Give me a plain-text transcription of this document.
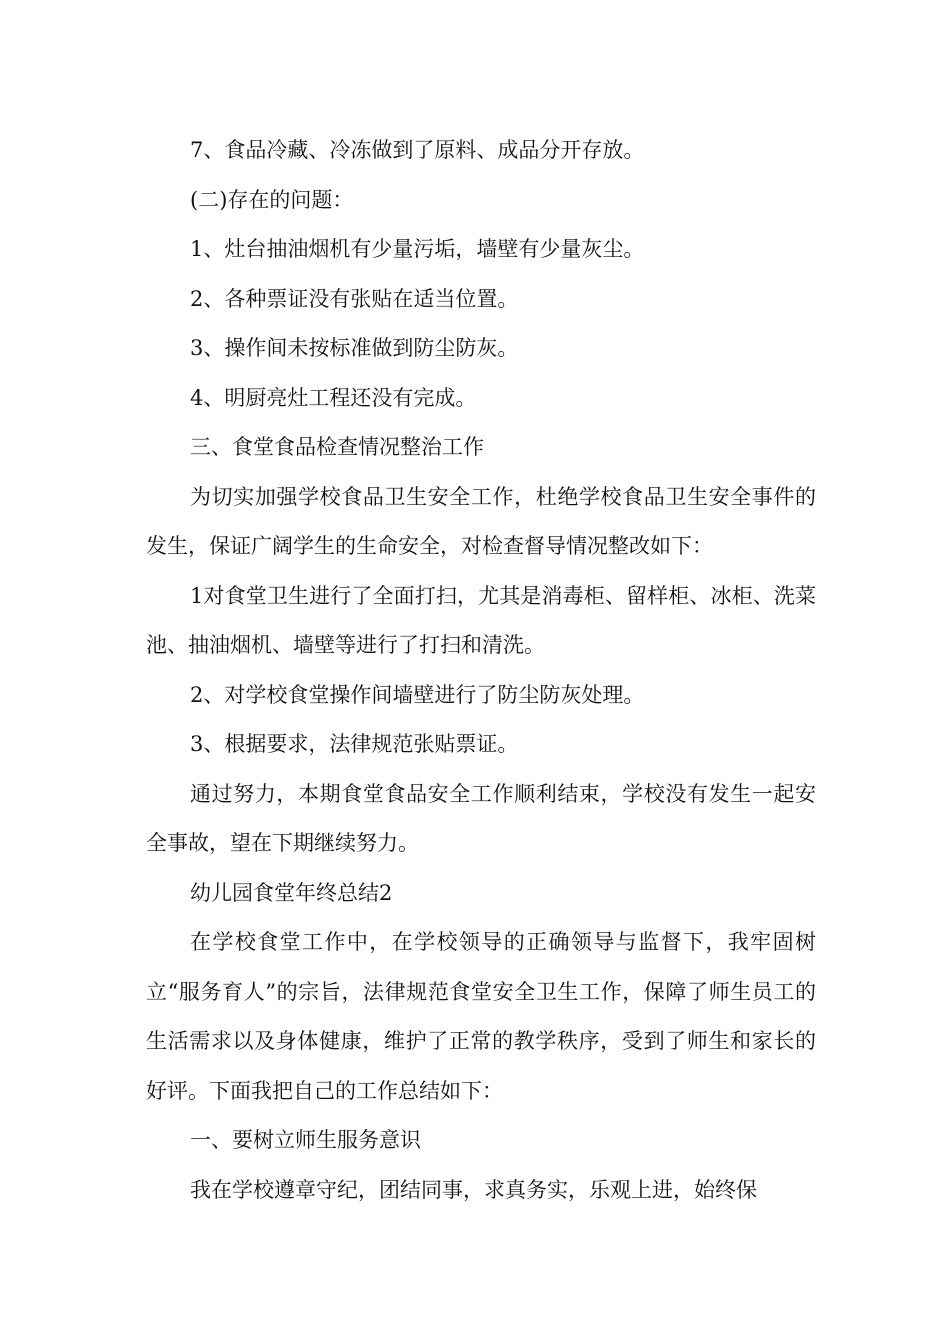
7、食品冷藏、冷冻做到了原料、成品分开存放。

(二)存在的问题：

1、灶台抽油烟机有少量污垢，墙壁有少量灰尘。

2、各种票证没有张贴在适当位置。

3、操作间未按标准做到防尘防灰。

4、明厨亮灶工程还没有完成。

三、食堂食品检查情况整治工作

为切实加强学校食品卫生安全工作，杜绝学校食品卫生安全事件的发生，保证广阔学生的生命安全，对检查督导情况整改如下：

1对食堂卫生进行了全面打扫，尤其是消毒柜、留样柜、冰柜、洗菜池、抽油烟机、墙壁等进行了打扫和清洗。

2、对学校食堂操作间墙壁进行了防尘防灰处理。

3、根据要求，法律规范张贴票证。

通过努力，本期食堂食品安全工作顺利结束，学校没有发生一起安全事故，望在下期继续努力。

幼儿园食堂年终总结2

在学校食堂工作中，在学校领导的正确领导与监督下，我牢固树立“服务育人”的宗旨，法律规范食堂安全卫生工作，保障了师生员工的生活需求以及身体健康，维护了正常的教学秩序，受到了师生和家长的好评。下面我把自己的工作总结如下：

一、要树立师生服务意识

我在学校遵章守纪，团结同事，求真务实，乐观上进，始终保
